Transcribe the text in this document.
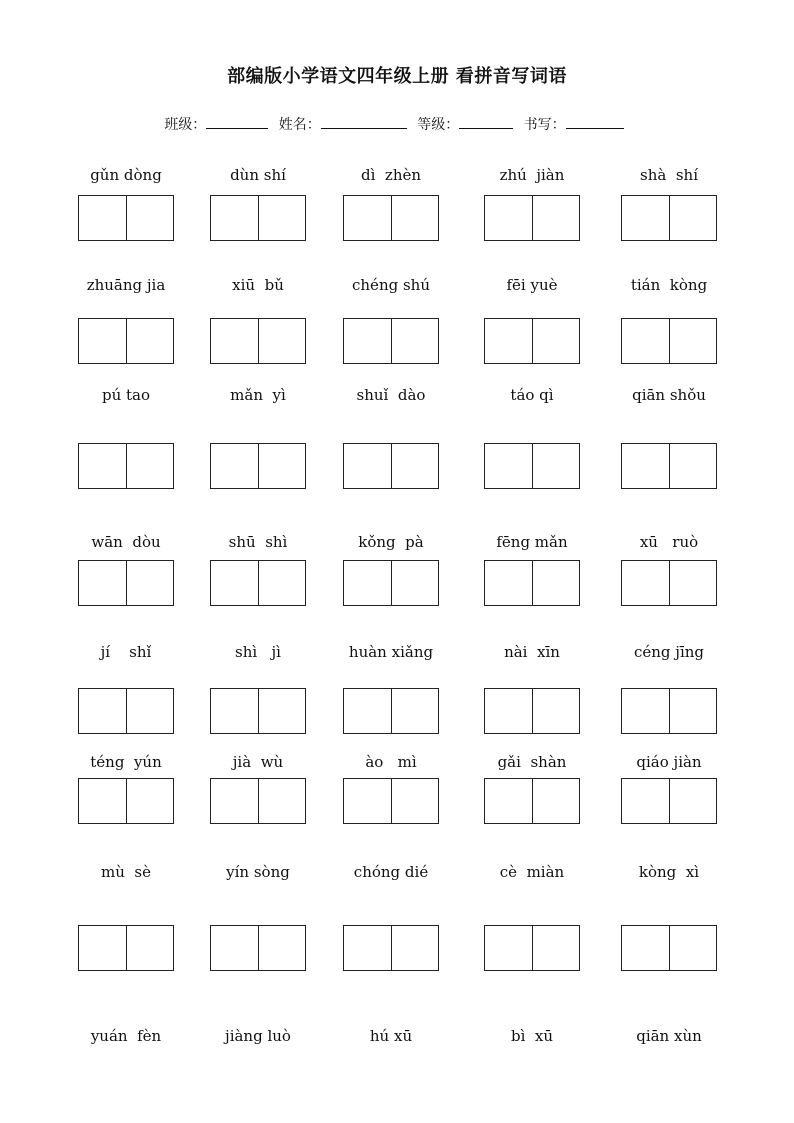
部编版小学语文四年级上册 看拼音写词语
班级：	姓名：	等级：	书写：
gǔn dòng	dùn shí	dì  zhèn	zhú  jiàn	shà  shí
zhuāng jia	xiū  bǔ	chéng shú	fēi yuè	tián  kòng
pú tao	mǎn  yì	shuǐ  dào	táo qì	qiān shǒu
wān  dòu	shū  shì	kǒng  pà	fēng mǎn	xū   ruò
jí    shǐ	shì   jì	huàn xiǎng	nài  xīn	céng jīng
téng  yún	jià  wù	ào   mì	gǎi  shàn	qiáo jiàn
mù  sè	yín sòng	chóng dié	cè  miàn	kòng  xì
yuán  fèn	jiàng luò	hú xū	bì  xū	qiān xùn
